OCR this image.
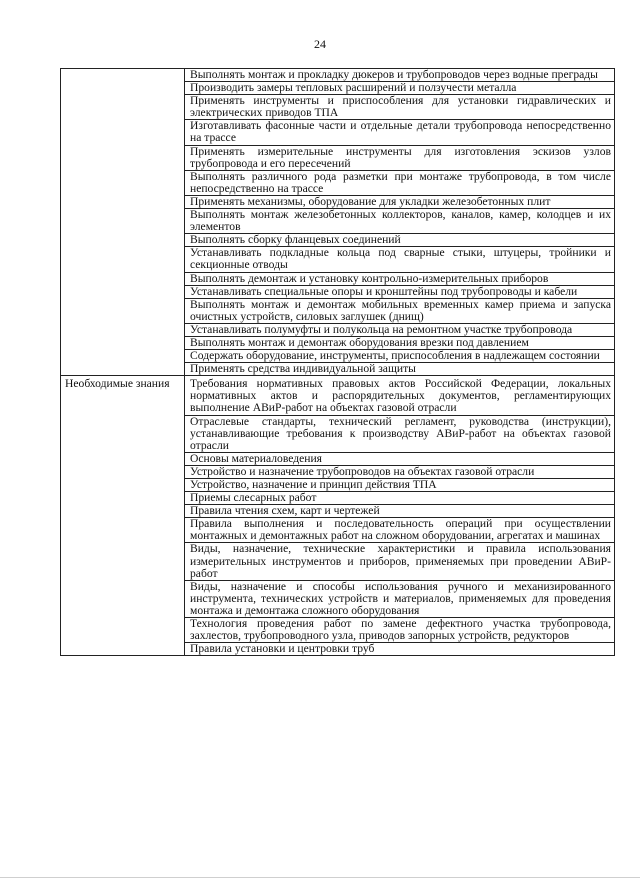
24
	Выполнять монтаж и прокладку дюкеров и трубопроводов через водные преграды
	Производить замеры тепловых расширений и ползучести металла
	Применять инструменты и приспособления для установки гидравлических и электрических приводов ТПА
	Изготавливать фасонные части и отдельные детали трубопровода непосредственно на трассе
	Применять измерительные инструменты для изготовления эскизов узлов трубопровода и его пересечений
	Выполнять различного рода разметки при монтаже трубопровода, в том числе непосредственно на трассе
	Применять механизмы, оборудование для укладки железобетонных плит
	Выполнять монтаж железобетонных коллекторов, каналов, камер, колодцев и их элементов
	Выполнять сборку фланцевых соединений
	Устанавливать подкладные кольца под сварные стыки, штуцеры, тройники и секционные отводы
	Выполнять демонтаж и установку контрольно-измерительных приборов
	Устанавливать специальные опоры и кронштейны под трубопроводы и кабели
	Выполнять монтаж и демонтаж мобильных временных камер приема и запуска очистных устройств, силовых заглушек (днищ)
	Устанавливать полумуфты и полукольца на ремонтном участке трубопровода
	Выполнять монтаж и демонтаж оборудования врезки под давлением
	Содержать оборудование, инструменты, приспособления в надлежащем состоянии
	Применять средства индивидуальной защиты
Необходимые знания	Требования нормативных правовых актов Российской Федерации, локальных нормативных актов и распорядительных документов, регламентирующих выполнение АВиР-работ на объектах газовой отрасли
	Отраслевые стандарты, технический регламент, руководства (инструкции), устанавливающие требования к производству АВиР-работ на объектах газовой отрасли
	Основы материаловедения
	Устройство и назначение трубопроводов на объектах газовой отрасли
	Устройство, назначение и принцип действия ТПА
	Приемы слесарных работ
	Правила чтения схем, карт и чертежей
	Правила выполнения и последовательность операций при осуществлении монтажных и демонтажных работ на сложном оборудовании, агрегатах и машинах
	Виды, назначение, технические характеристики и правила использования измерительных инструментов и приборов, применяемых при проведении АВиР-работ
	Виды, назначение и способы использования ручного и механизированного инструмента, технических устройств и материалов, применяемых для проведения монтажа и демонтажа сложного оборудования
	Технология проведения работ по замене дефектного участка трубопровода, захлестов, трубопроводного узла, приводов запорных устройств, редукторов
	Правила установки и центровки труб
